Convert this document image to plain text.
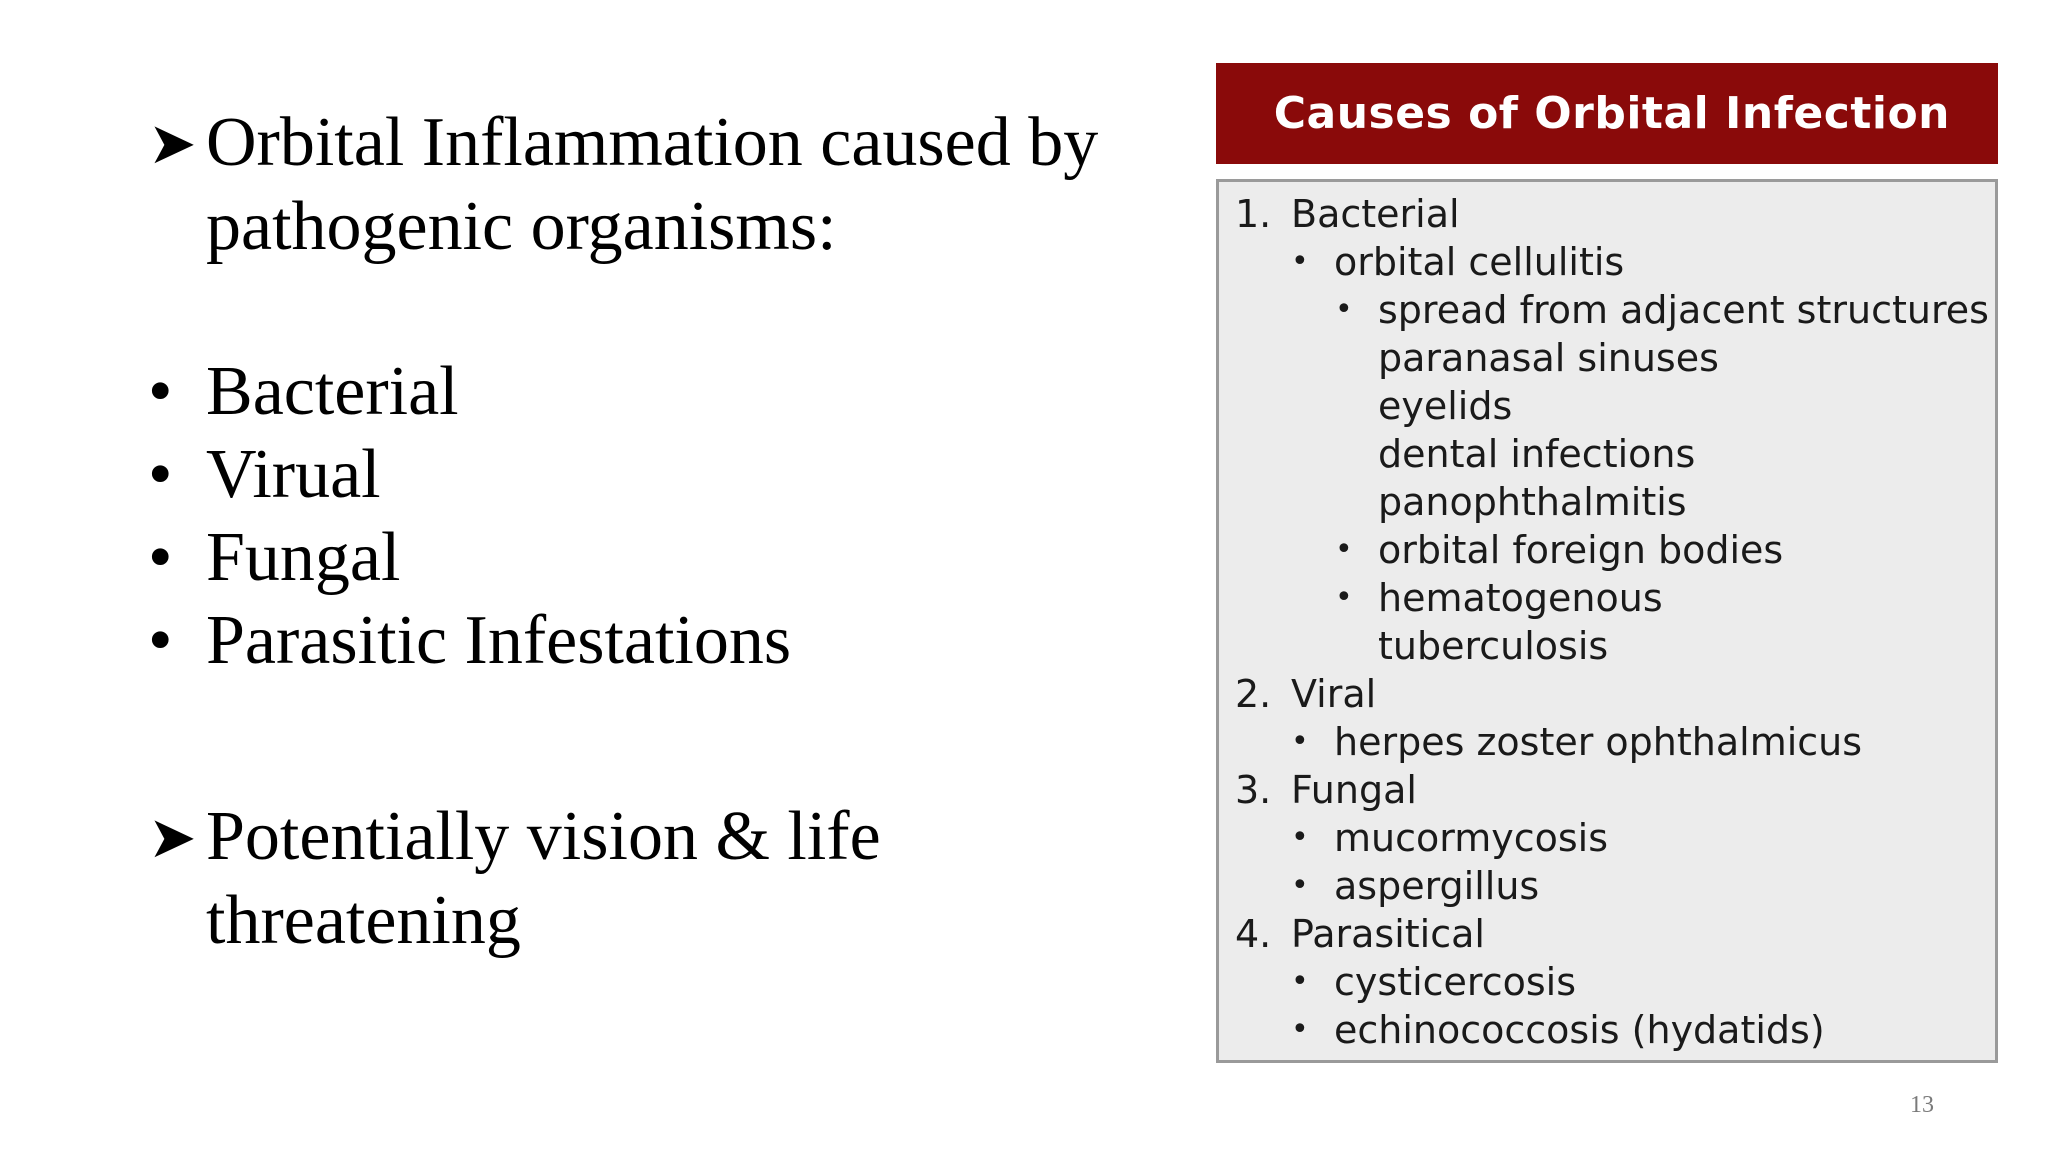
➤ Orbital Inflammation caused by
pathogenic organisms:
• Bacterial
• Virual
• Fungal
• Parasitic Infestations
➤ Potentially vision & life
threatening
Causes of Orbital Infection
1. Bacterial
• orbital cellulitis
• spread from adjacent structures
paranasal sinuses
eyelids
dental infections
panophthalmitis
• orbital foreign bodies
• hematogenous
tuberculosis
2. Viral
• herpes zoster ophthalmicus
3. Fungal
• mucormycosis
• aspergillus
4. Parasitical
• cysticercosis
• echinococcosis (hydatids)
13
